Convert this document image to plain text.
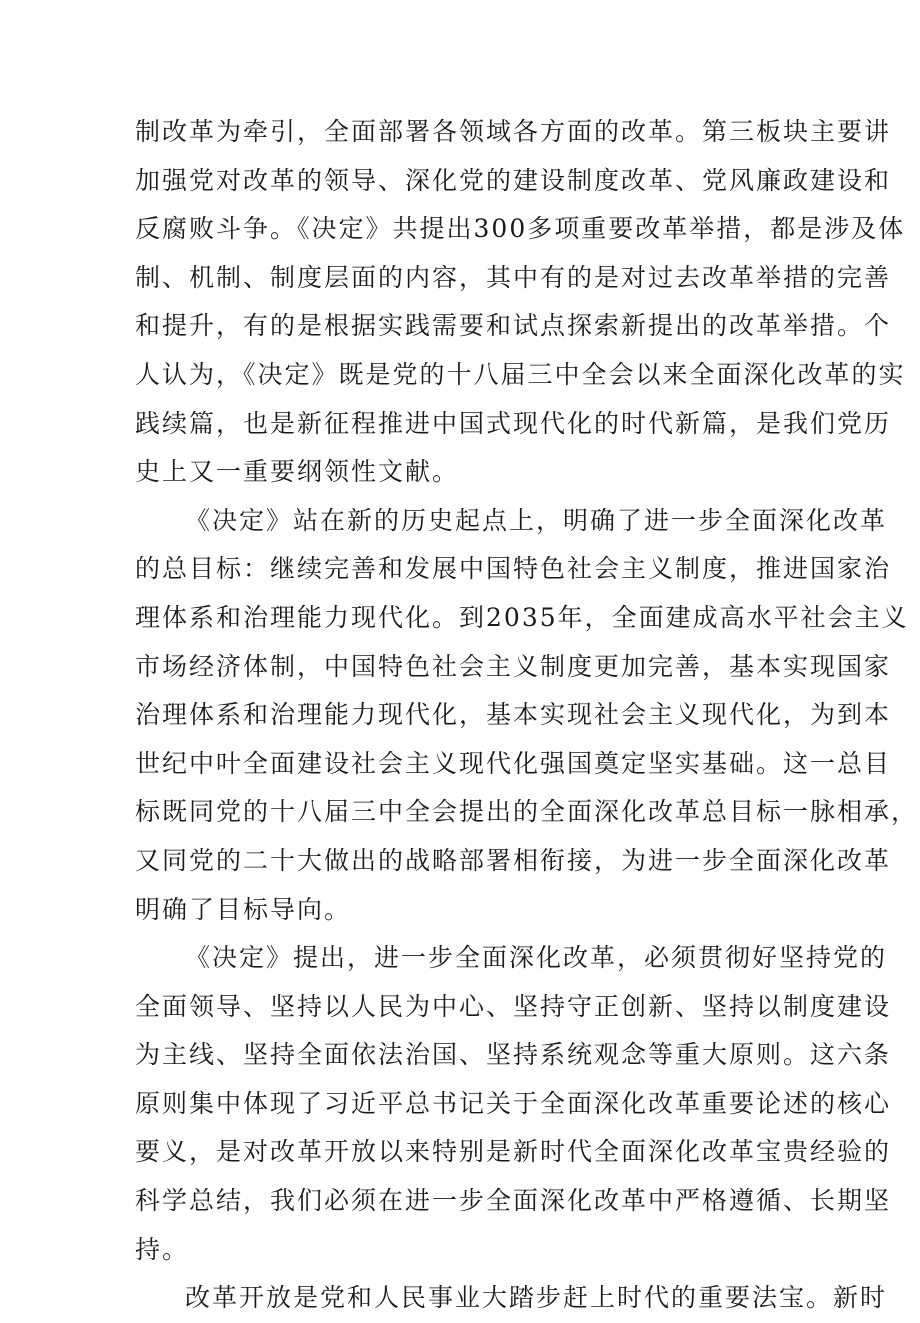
制改革为牵引，全面部署各领域各方面的改革。第三板块主要讲
加强党对改革的领导、深化党的建设制度改革、党风廉政建设和
反腐败斗争。《决定》共提出300多项重要改革举措，都是涉及体
制、机制、制度层面的内容，其中有的是对过去改革举措的完善
和提升，有的是根据实践需要和试点探索新提出的改革举措。个
人认为，《决定》既是党的十八届三中全会以来全面深化改革的实
践续篇，也是新征程推进中国式现代化的时代新篇，是我们党历
史上又一重要纲领性文献。
《决定》站在新的历史起点上，明确了进一步全面深化改革
的总目标：继续完善和发展中国特色社会主义制度，推进国家治
理体系和治理能力现代化。到2035年，全面建成高水平社会主义
市场经济体制，中国特色社会主义制度更加完善，基本实现国家
治理体系和治理能力现代化，基本实现社会主义现代化，为到本
世纪中叶全面建设社会主义现代化强国奠定坚实基础。这一总目
标既同党的十八届三中全会提出的全面深化改革总目标一脉相承，
又同党的二十大做出的战略部署相衔接，为进一步全面深化改革
明确了目标导向。
《决定》提出，进一步全面深化改革，必须贯彻好坚持党的
全面领导、坚持以人民为中心、坚持守正创新、坚持以制度建设
为主线、坚持全面依法治国、坚持系统观念等重大原则。这六条
原则集中体现了习近平总书记关于全面深化改革重要论述的核心
要义，是对改革开放以来特别是新时代全面深化改革宝贵经验的
科学总结，我们必须在进一步全面深化改革中严格遵循、长期坚
持。
改革开放是党和人民事业大踏步赶上时代的重要法宝。新时
